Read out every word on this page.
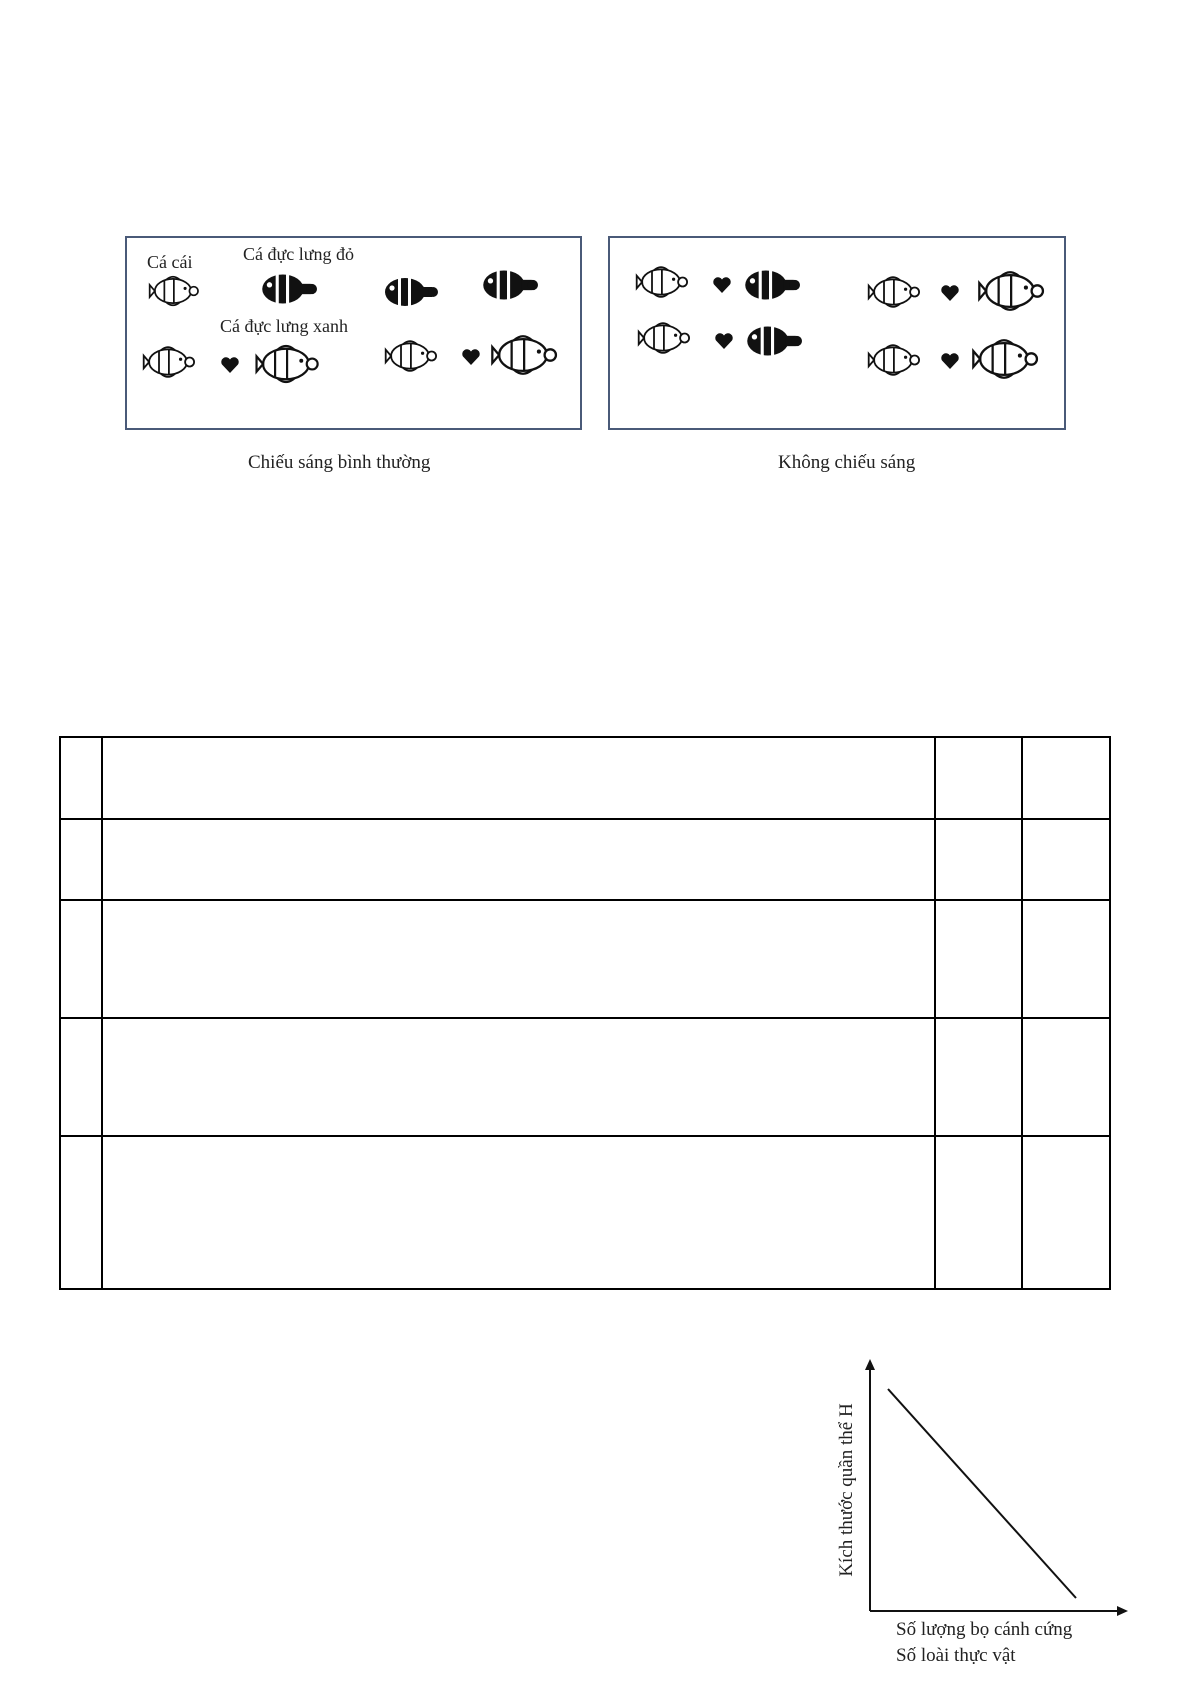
Cá cái	Cá đực lưng đỏ
Cá đực lưng xanh
Chiếu sáng bình thường	Không chiếu sáng

Kích thước quần thể H
Số lượng bọ cánh cứng
Số loài thực vật
